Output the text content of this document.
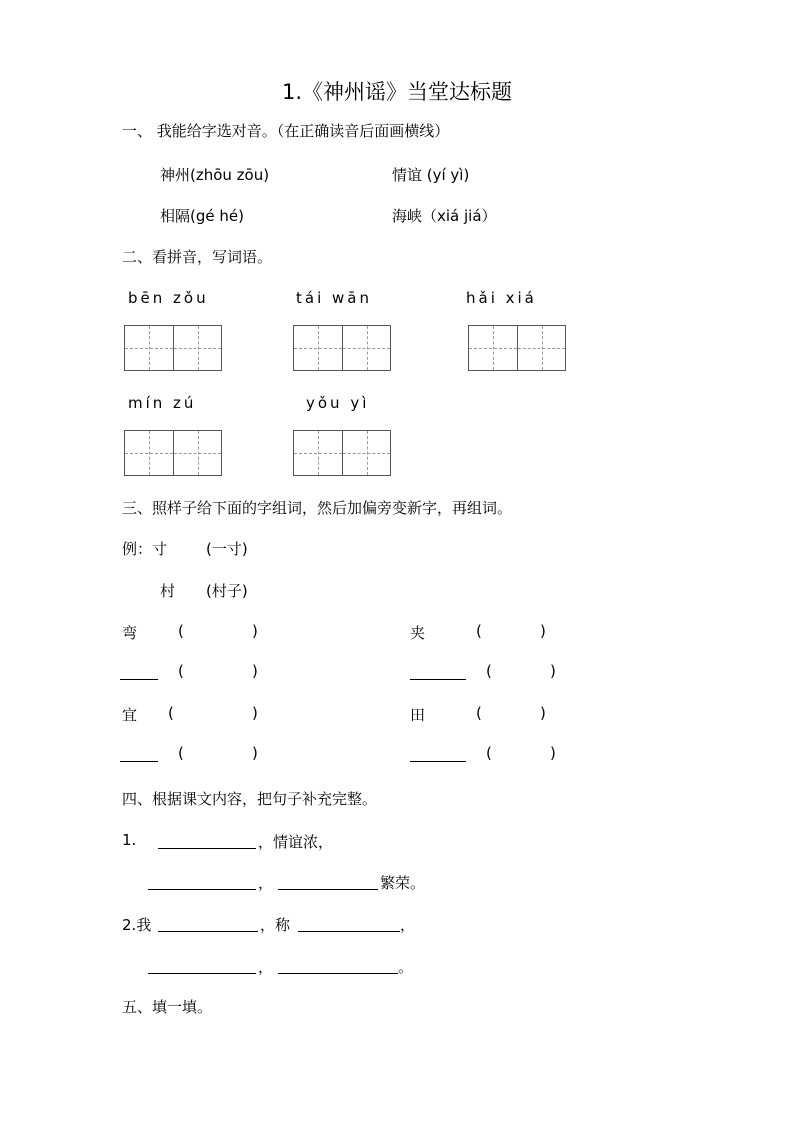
1.《神州谣》当堂达标题
一、 我能给字选对音。（在正确读音后面画横线）
神州(zhōu zōu)	情谊 (yí yì)
相隔(gé hé)	海峡（xiá jiá）
二、看拼音，写词语。
bēn zǒu	tái wān	hǎi xiá
mín zú	yǒu yì
三、照样子给下面的字组词，然后加偏旁变新字，再组词。
例：寸	(一寸)
村 (村子)
弯	(	)	夹	(	)
(	)	(	)
宜 (	)	田	(	)
(	)	(	)
四、根据课文内容，把句子补充完整。
1.	，情谊浓，
，	繁荣。
2.我	，称	，
，	。
五、填一填。
